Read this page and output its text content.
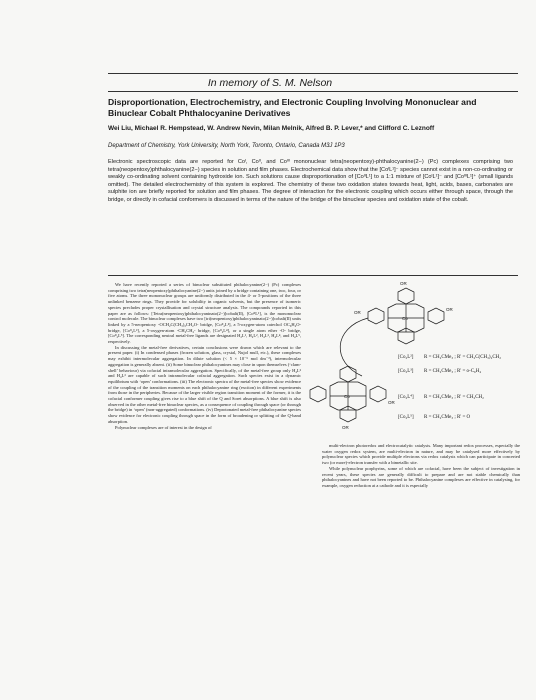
In memory of S. M. Nelson
Disproportionation, Electrochemistry, and Electronic Coupling Involving Mononuclear and Binuclear Cobalt Phthalocyanine Derivatives
Wei Liu, Michael R. Hempstead, W. Andrew Nevin, Milan Melnik, Alfred B. P. Lever,* and Clifford C. Leznoff
Department of Chemistry, York University, North York, Toronto, Ontario, Canada M3J 1P3
Electronic spectroscopic data are reported for Coᴵ, Coᴵᴵ, and Coᴵᴵᴵ mononuclear tetra(neopentoxy)-phthalocyanine(2−) (Pc) complexes comprising two tetra(neopentoxy)phthalocyanine(2−) species in solution and film phases. Electrochemical data show that the [CoᴵL¹]⁻ species cannot exist in a non-co-ordinating or weakly co-ordinating solvent containing hydroxide ion. Such solutions cause disproportionation of [CoᴵᴵL¹] to a 1:1 mixture of [CoᴵL¹]⁻ and [CoᴵᴵᴵL¹]⁺ (small ligands omitted). The detailed electrochemistry of this system is explored. The chemistry of these two oxidation states towards heat, light, acids, bases, carbonates are sulphite ion are briefly reported for solution and film phases. The degree of interaction for the electronic coupling which occurs either through space, through the bridge, or directly in cofacial conformers is discussed in terms of the nature of the bridge of the binuclear species and oxidation state of the cobalt.

We have recently reported a series of binuclear substituted phthalocyanine(2−) (Pc) complexes comprising two tetra(neopentoxy)phthalocyanine(2−) units joined by a bridge containing one, two, four, or five atoms. The three mononuclear groups are uniformly distributed in the 4- or 5-positions of the three unlinked benzene rings. They provide for solubility in organic solvents, but the presence of isomeric species precludes proper crystallisation and crystal structure analysis. The compounds reported in this paper are as follows: [Tetra(neopentoxy)phthalocyaninato(2−)]cobalt(II), [CoᴵᴵL¹], is the mononuclear control molecule. The binuclear complexes have two [tri(neopentoxy)phthalocyaninato(2−)]cobalt(II) units linked by a 5-neopentoxy -OCH₂C(CH₃)₂CH₂O- bridge, [Coᴵᴵ₂L²], a 5-oxygen-atom catechol OC₆H₄O- bridge, [Coᴵᴵ₂L³], a 5-oxygen-atom -CH₂CH₂- bridge, [Coᴵᴵ₂L⁴], or a single atom ether -O- bridge, [Coᴵᴵ₂L⁵]. The corresponding neutral metal-free ligands are designated H₂L¹, H₄L², H₄L³, H₄L⁴, and H₄L⁵, respectively.

In discussing the metal-free derivatives, certain conclusions were drawn which are relevant to the present paper. (i) In condensed phases (frozen solution, glass, crystal, Nujol mull, etc.), these complexes may exhibit intermolecular aggregation. In dilute solution (< 5 × 10⁻⁶ mol dm⁻³), intermolecular aggregation is generally absent. (ii) Some binuclear phthalocyanines may close in upon themselves (‘clam-shell’ behaviour) via cofacial intramolecular aggregation. Specifically, of the metal-free group only H₄L² and H₄L³ are capable of such intramolecular cofacial aggregation. Such species exist in a dynamic equilibrium with ‘open’ conformations. (iii) The electronic spectra of the metal-free species show evidence of the coupling of the transition moments on each phthalocyanine ring (exciton) in different experiments from those in the peripheries. Because of the larger visible region transition moment of the former, it is the cofacial conformer coupling gives rise to a blue shift of the Q and Soret absorptions. A blue shift is also observed in the other metal-free binuclear species, as a consequence of coupling through space (or through the bridge) in ‘open’ (non-aggregated) conformations. (iv) Deprotonated metal-free phthalocyanine species show evidence for electronic coupling through space in the form of broadening or splitting of the Q-band absorption.

Polynuclear complexes are of interest in the design of

Co
OR
OR
OR
Co
OR
OR
[Co₂L²] R = CH₂CMe₃ ; R' = CH₂C(CH₃)₂CH₂
[Co₂L³] R = CH₂CMe₃ ; R' = o-C₆H₄
[Co₂L⁴] R = CH₂CMe₃ ; R' = CH₂CH₂
[Co₂L⁵] R = CH₂CMe₃ ; R' = O

multi-electron photoredox and electrocatalytic catalysts. Many important redox processes, especially the water oxygen redox system, are multi-electron in nature, and may be catalysed more effectively by polynuclear species which provide multiple electrons via redox catalysts which can participate in concerted two (or more)-electron transfer with a bimetallic site.

While polynuclear porphyrins, some of which are cofacial, have been the subject of investigation in recent years, these species are generally difficult to prepare and are not stable chemically than phthalocyanines and have not been reported to be. Phthalocyanine complexes are effective in catalysing, for example, oxygen reduction at a cathode and it is especially
